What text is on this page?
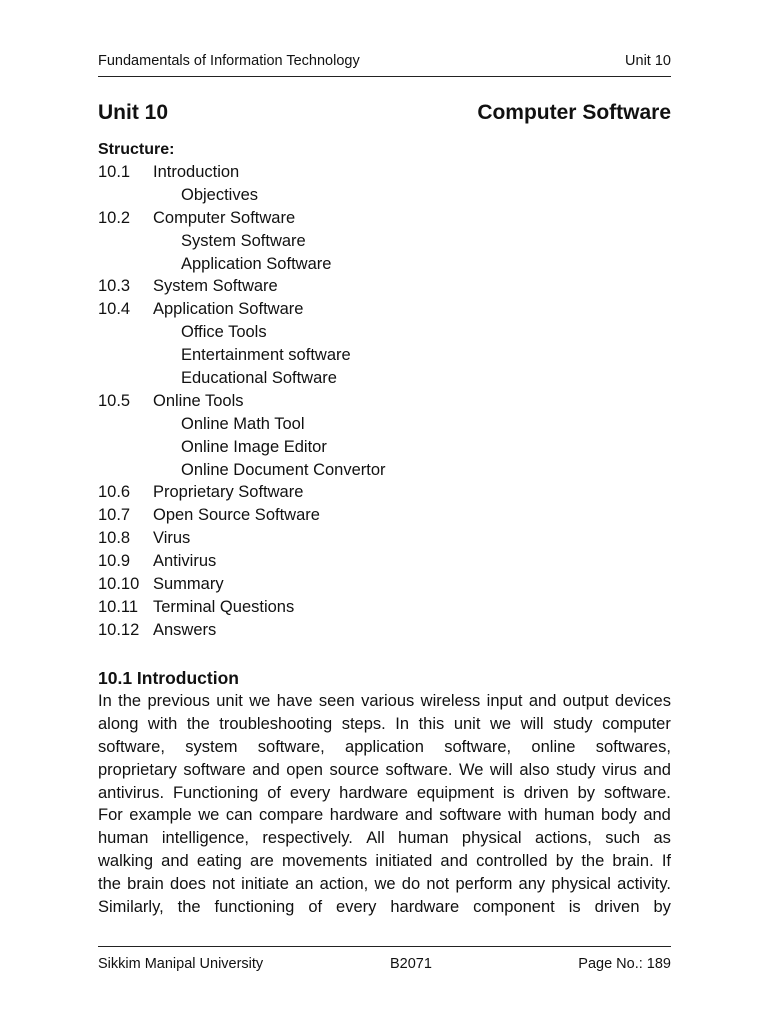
Fundamentals of Information Technology	Unit 10
Unit 10	Computer Software
Structure:
10.1 Introduction
Objectives
10.2 Computer Software
System Software
Application Software
10.3 System Software
10.4 Application Software
Office Tools
Entertainment software
Educational Software
10.5 Online Tools
Online Math Tool
Online Image Editor
Online Document Convertor
10.6 Proprietary Software
10.7 Open Source Software
10.8 Virus
10.9 Antivirus
10.10 Summary
10.11 Terminal Questions
10.12 Answers
10.1 Introduction
In the previous unit we have seen various wireless input and output devices
along with the troubleshooting steps. In this unit we will study computer
software, system software, application software, online softwares,
proprietary software and open source software. We will also study virus and
antivirus. Functioning of every hardware equipment is driven by software.
For example we can compare hardware and software with human body and
human intelligence, respectively. All human physical actions, such as
walking and eating are movements initiated and controlled by the brain. If
the brain does not initiate an action, we do not perform any physical activity.
Similarly, the functioning of every hardware component is driven by
Sikkim Manipal University	B2071	Page No.: 189
